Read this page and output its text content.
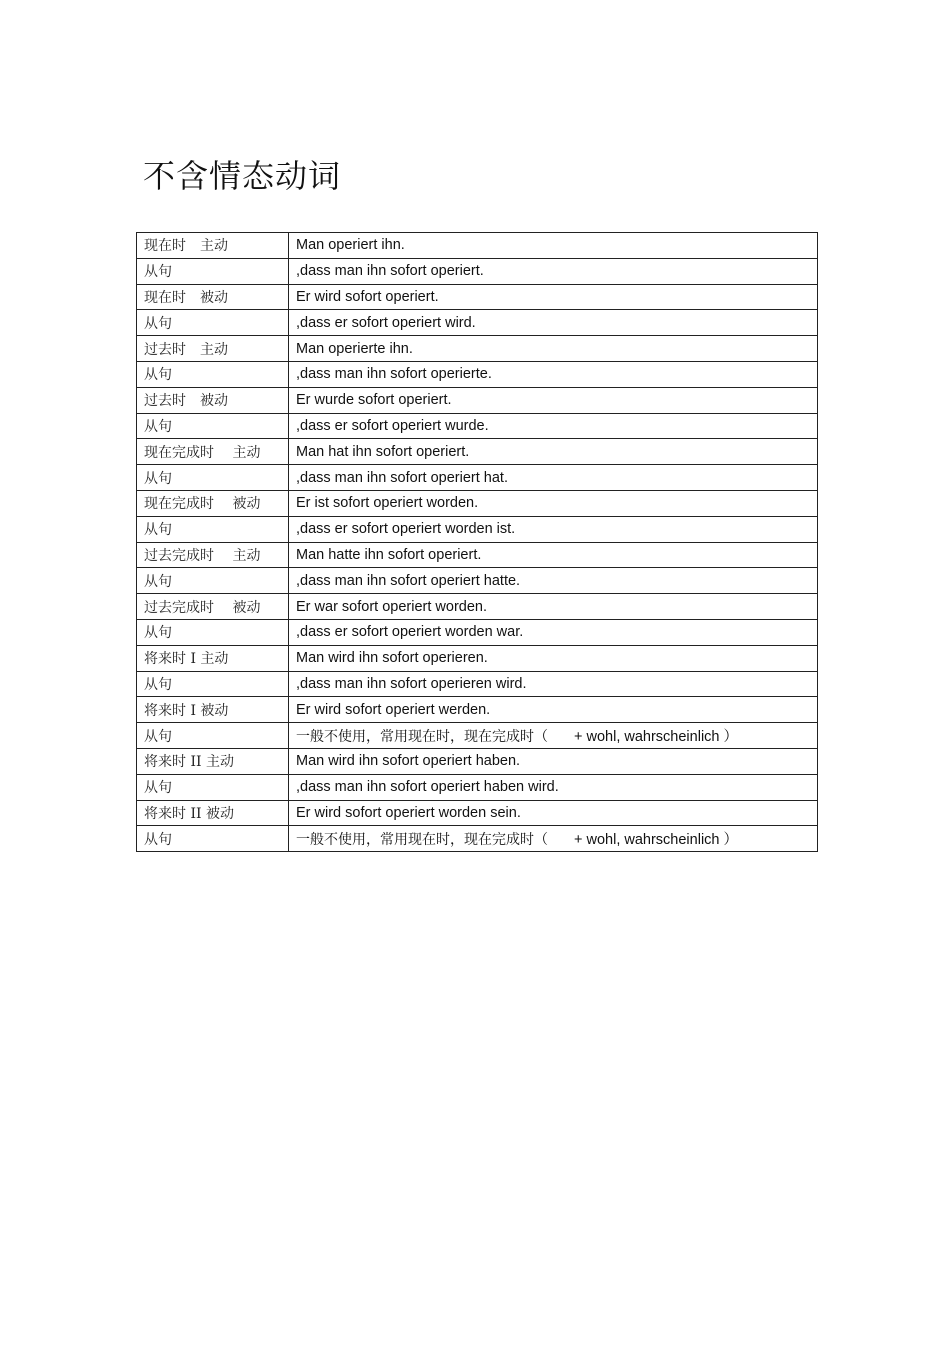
不含情态动词
现在时　主动	Man operiert ihn.
从句	,dass man ihn sofort operiert.
现在时　被动	Er wird sofort operiert.
从句	,dass er sofort operiert wird.
过去时　主动	Man operierte ihn.
从句	,dass man ihn sofort operierte.
过去时　被动	Er wurde sofort operiert.
从句	,dass er sofort operiert wurde.
现在完成时　 主动	Man hat ihn sofort operiert.
从句	,dass man ihn sofort operiert hat.
现在完成时　 被动	Er ist sofort operiert worden.
从句	,dass er sofort operiert worden ist.
过去完成时　 主动	Man hatte ihn sofort operiert.
从句	,dass man ihn sofort operiert hatte.
过去完成时　 被动	Er war sofort operiert worden.
从句	,dass er sofort operiert worden war.
将来时 I 主动	Man wird ihn sofort operieren.
从句	,dass man ihn sofort operieren wird.
将来时 I 被动	Er wird sofort operiert werden.
从句	一般不使用，常用现在时，现在完成时（ + wohl, wahrscheinlich ）
将来时 II 主动	Man wird ihn sofort operiert haben.
从句	,dass man ihn sofort operiert haben wird.
将来时 II 被动	Er wird sofort operiert worden sein.
从句	一般不使用，常用现在时，现在完成时（ + wohl, wahrscheinlich ）
